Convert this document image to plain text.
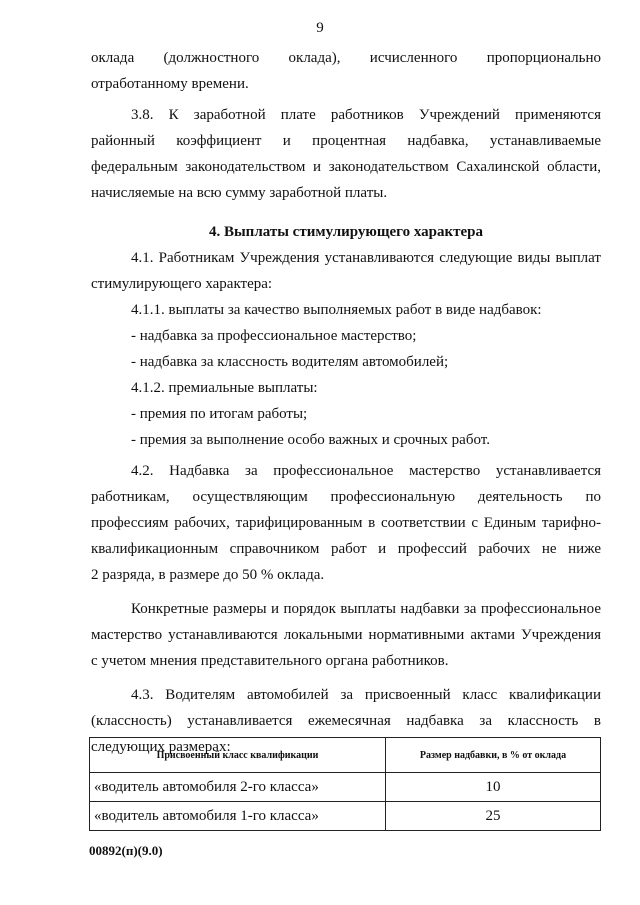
9

оклада (должностного оклада), исчисленного пропорционально

отработанному времени.

3.8. К заработной плате работников Учреждений применяются

районный коэффициент и процентная надбавка, устанавливаемые

федеральным законодательством и законодательством Сахалинской области,

начисляемые на всю сумму заработной платы.

4. Выплаты стимулирующего характера

4.1. Работникам Учреждения устанавливаются следующие виды выплат

стимулирующего характера:

4.1.1. выплаты за качество выполняемых работ в виде надбавок:

- надбавка за профессиональное мастерство;

- надбавка за классность водителям автомобилей;

4.1.2. премиальные выплаты:

- премия по итогам работы;

- премия за выполнение особо важных и срочных работ.

4.2. Надбавка за профессиональное мастерство устанавливается

работникам, осуществляющим профессиональную деятельность по

профессиям рабочих, тарифицированным в соответствии с Единым тарифно-

квалификационным справочником работ и профессий рабочих не ниже

2 разряда, в размере до 50 % оклада.

Конкретные размеры и порядок выплаты надбавки за профессиональное

мастерство устанавливаются локальными нормативными актами Учреждения

с учетом мнения представительного органа работников.

4.3. Водителям автомобилей за присвоенный класс квалификации

(классность) устанавливается ежемесячная надбавка за классность в

следующих размерах:

Присвоенный класс квалификации	Размер надбавки, в % от оклада
«водитель автомобиля 2-го класса»	10
«водитель автомобиля 1-го класса»	25
00892(п)(9.0)
